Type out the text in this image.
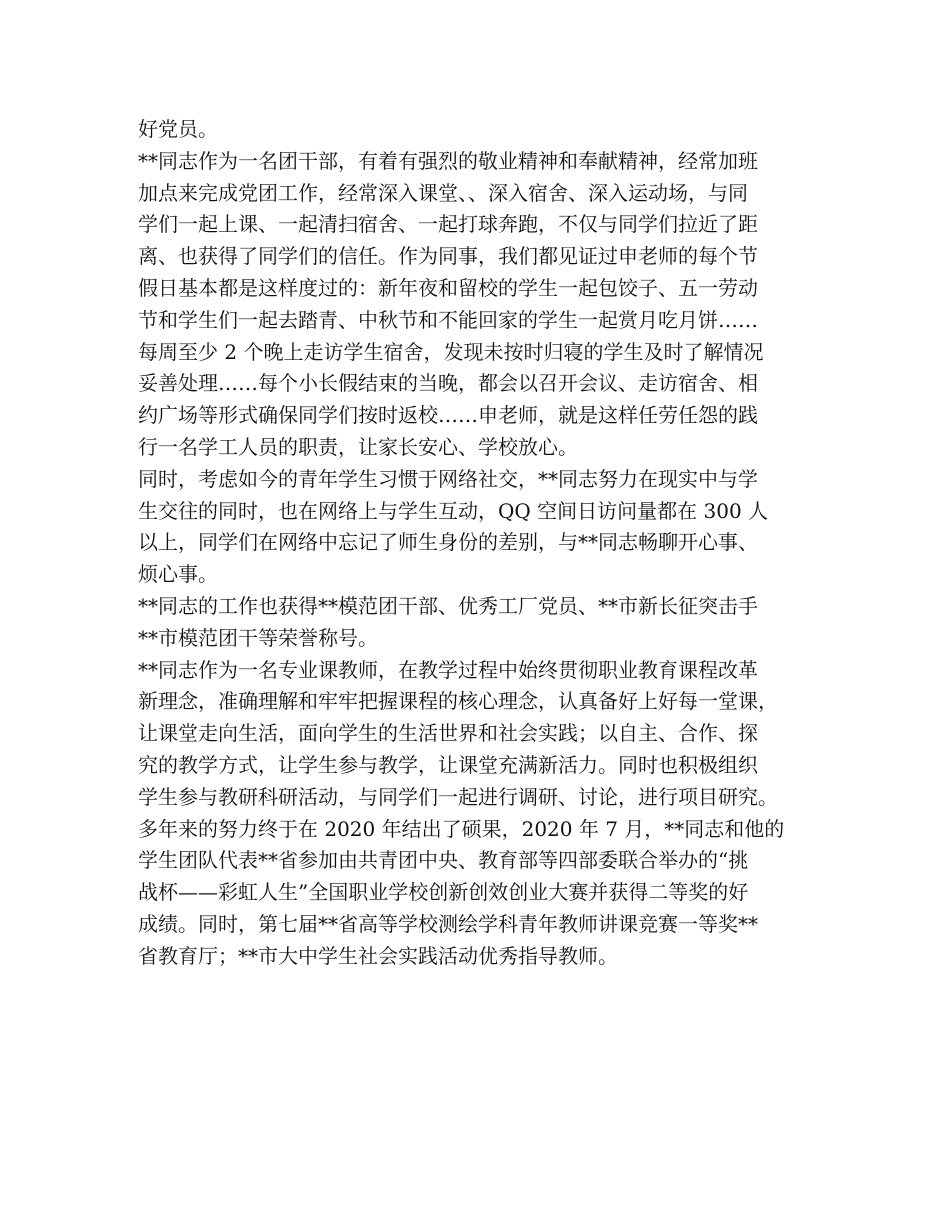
好党员。
**同志作为一名团干部，有着有强烈的敬业精神和奉献精神，经常加班
加点来完成党团工作，经常深入课堂、、深入宿舍、深入运动场，与同
学们一起上课、一起清扫宿舍、一起打球奔跑，不仅与同学们拉近了距
离、也获得了同学们的信任。作为同事，我们都见证过申老师的每个节
假日基本都是这样度过的：新年夜和留校的学生一起包饺子、五一劳动
节和学生们一起去踏青、中秋节和不能回家的学生一起赏月吃月饼……
每周至少 2 个晚上走访学生宿舍，发现未按时归寝的学生及时了解情况
妥善处理……每个小长假结束的当晚，都会以召开会议、走访宿舍、相
约广场等形式确保同学们按时返校……申老师，就是这样任劳任怨的践
行一名学工人员的职责，让家长安心、学校放心。
同时，考虑如今的青年学生习惯于网络社交，**同志努力在现实中与学
生交往的同时，也在网络上与学生互动，QQ 空间日访问量都在 300 人
以上，同学们在网络中忘记了师生身份的差别，与**同志畅聊开心事、
烦心事。
**同志的工作也获得**模范团干部、优秀工厂党员、**市新长征突击手
**市模范团干等荣誉称号。
**同志作为一名专业课教师，在教学过程中始终贯彻职业教育课程改革
新理念，准确理解和牢牢把握课程的核心理念，认真备好上好每一堂课，
让课堂走向生活，面向学生的生活世界和社会实践；以自主、合作、探
究的教学方式，让学生参与教学，让课堂充满新活力。同时也积极组织
学生参与教研科研活动，与同学们一起进行调研、讨论，进行项目研究。
多年来的努力终于在 2020 年结出了硕果，2020 年 7 月，**同志和他的
学生团队代表**省参加由共青团中央、教育部等四部委联合举办的“挑
战杯——彩虹人生”全国职业学校创新创效创业大赛并获得二等奖的好
成绩。同时，第七届**省高等学校测绘学科青年教师讲课竞赛一等奖**
省教育厅；**市大中学生社会实践活动优秀指导教师。
